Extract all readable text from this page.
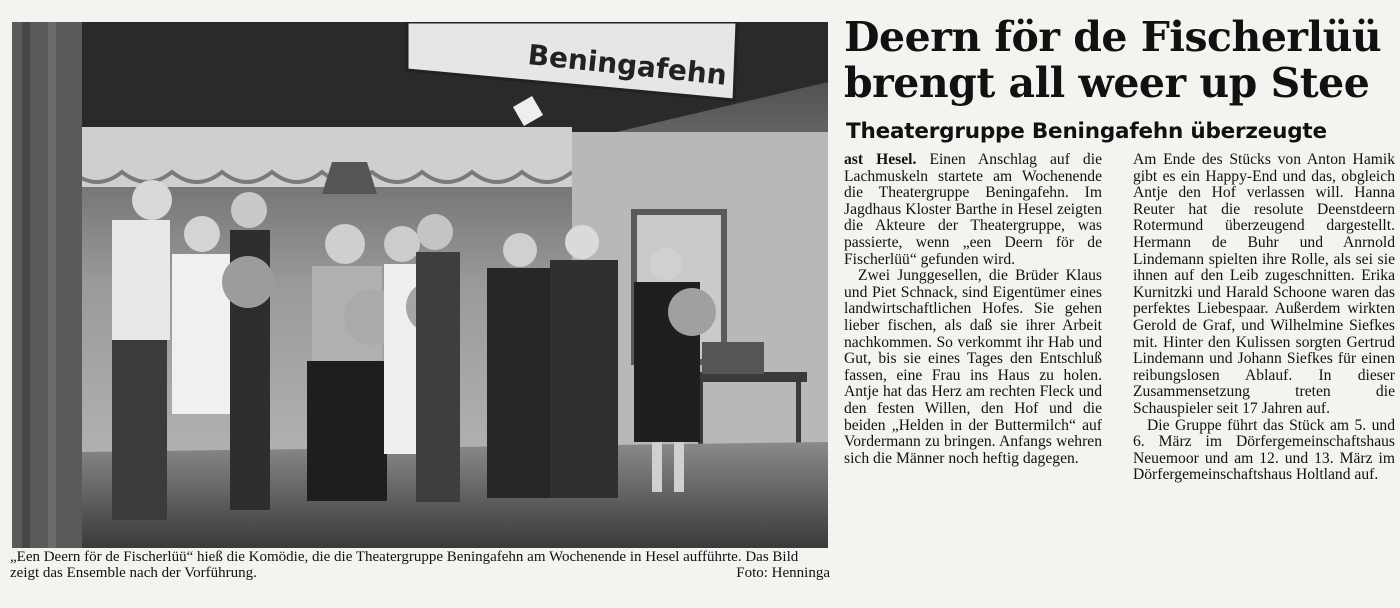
Beningafehn
„Een Deern för de Fischerlüü“ hieß die Komödie, die die Theatergruppe Beningafehn am Wochenende in Hesel aufführte. Das Bild zeigt das Ensemble nach der Vorführung.	Foto: Henninga
Deern för de Fischerlüü brengt all weer up Stee
Theatergruppe Beningafehn überzeugte

ast Hesel. Einen Anschlag auf die Lachmuskeln startete am Wochenende die Theatergruppe Beningafehn. Im Jagdhaus Kloster Barthe in Hesel zeigten die Akteure der Theatergruppe, was passierte, wenn „een Deern för de Fischerlüü“ gefunden wird.

Zwei Junggesellen, die Brüder Klaus und Piet Schnack, sind Eigentümer eines landwirtschaftlichen Hofes. Sie gehen lieber fischen, als daß sie ihrer Arbeit nachkommen. So verkommt ihr Hab und Gut, bis sie eines Tages den Entschluß fassen, eine Frau ins Haus zu holen. Antje hat das Herz am rechten Fleck und den festen Willen, den Hof und die beiden „Helden in der Buttermilch“ auf Vordermann zu bringen. Anfangs wehren sich die Männer noch heftig dagegen.

Am Ende des Stücks von Anton Hamik gibt es ein Happy-End und das, obgleich Antje den Hof verlassen will. Hanna Reuter hat die resolute Deenstdeern Rotermund überzeugend dargestellt. Hermann de Buhr und Anrnold Lindemann spielten ihre Rolle, als sei sie ihnen auf den Leib zugeschnitten. Erika Kurnitzki und Harald Schoone waren das perfektes Liebespaar. Außerdem wirkten Gerold de Graf, und Wilhelmine Siefkes mit. Hinter den Kulissen sorgten Gertrud Lindemann und Johann Siefkes für einen reibungslosen Ablauf. In dieser Zusammensetzung treten die Schauspieler seit 17 Jahren auf.

Die Gruppe führt das Stück am 5. und 6. März im Dörfergemeinschaftshaus Neuemoor und am 12. und 13. März im Dörfergemeinschaftshaus Holtland auf.
